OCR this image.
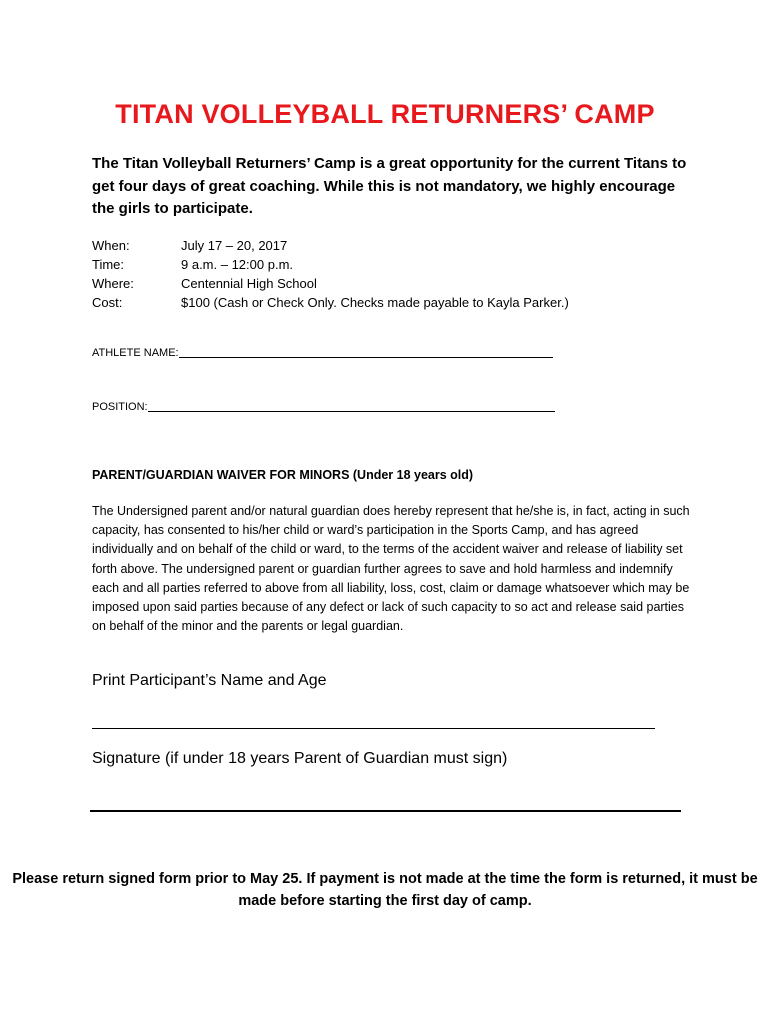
TITAN VOLLEYBALL RETURNERS’ CAMP
The Titan Volleyball Returners’ Camp is a great opportunity for the current Titans to get four days of great coaching. While this is not mandatory, we highly encourage the girls to participate.
When:	July 17 – 20, 2017
Time:	9 a.m. – 12:00 p.m.
Where:	Centennial High School
Cost:	$100 (Cash or Check Only. Checks made payable to Kayla Parker.)
ATHLETE NAME:
POSITION:
PARENT/GUARDIAN WAIVER FOR MINORS (Under 18 years old)
The Undersigned parent and/or natural guardian does hereby represent that he/she is, in fact, acting in such capacity, has consented to his/her child or ward’s participation in the Sports Camp, and has agreed individually and on behalf of the child or ward, to the terms of the accident waiver and release of liability set forth above. The undersigned parent or guardian further agrees to save and hold harmless and indemnify each and all parties referred to above from all liability, loss, cost, claim or damage whatsoever which may be imposed upon said parties because of any defect or lack of such capacity to so act and release said parties on behalf of the minor and the parents or legal guardian.
Print Participant’s Name and Age
Signature (if under 18 years Parent of Guardian must sign)
Please return signed form prior to May 25. If payment is not made at the time the form is returned, it must be made before starting the first day of camp.
